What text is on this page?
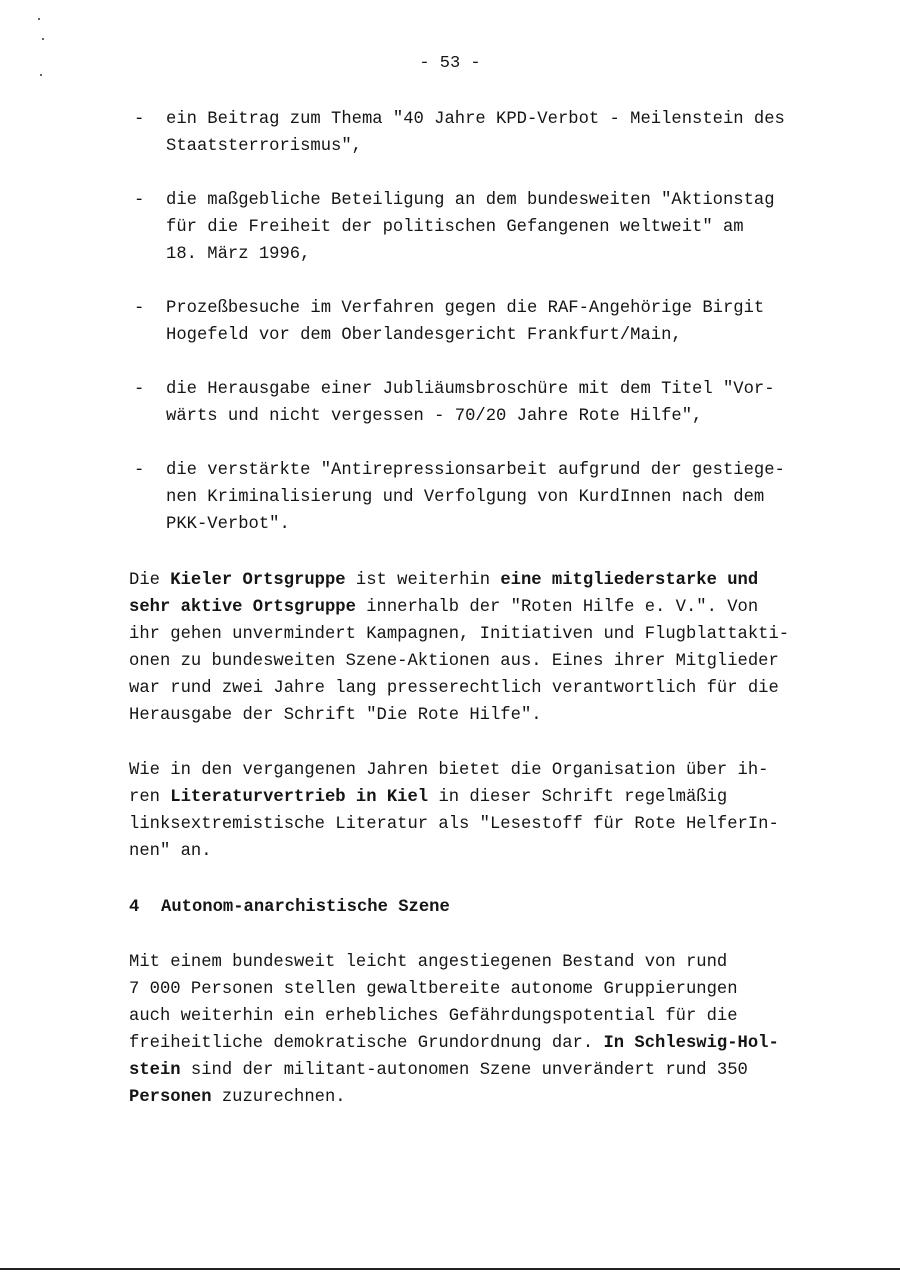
- 53 -
- ein Beitrag zum Thema "40 Jahre KPD-Verbot - Meilenstein des
Staatsterrorismus",
- die maßgebliche Beteiligung an dem bundesweiten "Aktionstag
für die Freiheit der politischen Gefangenen weltweit" am
18. März 1996,
- Prozeßbesuche im Verfahren gegen die RAF-Angehörige Birgit
Hogefeld vor dem Oberlandesgericht Frankfurt/Main,
- die Herausgabe einer Jubliäumsbroschüre mit dem Titel "Vor-
wärts und nicht vergessen - 70/20 Jahre Rote Hilfe",
- die verstärkte "Antirepressionsarbeit aufgrund der gestiege-
nen Kriminalisierung und Verfolgung von KurdInnen nach dem
PKK-Verbot".
Die Kieler Ortsgruppe ist weiterhin eine mitgliederstarke und
sehr aktive Ortsgruppe innerhalb der "Roten Hilfe e. V.". Von
ihr gehen unvermindert Kampagnen, Initiativen und Flugblattakti-
onen zu bundesweiten Szene-Aktionen aus. Eines ihrer Mitglieder
war rund zwei Jahre lang presserechtlich verantwortlich für die
Herausgabe der Schrift "Die Rote Hilfe".
Wie in den vergangenen Jahren bietet die Organisation über ih-
ren Literaturvertrieb in Kiel in dieser Schrift regelmäßig
linksextremistische Literatur als "Lesestoff für Rote HelferIn-
nen" an.
4 Autonom-anarchistische Szene
Mit einem bundesweit leicht angestiegenen Bestand von rund
7 000 Personen stellen gewaltbereite autonome Gruppierungen
auch weiterhin ein erhebliches Gefährdungspotential für die
freiheitliche demokratische Grundordnung dar. In Schleswig-Hol-
stein sind der militant-autonomen Szene unverändert rund 350
Personen zuzurechnen.
